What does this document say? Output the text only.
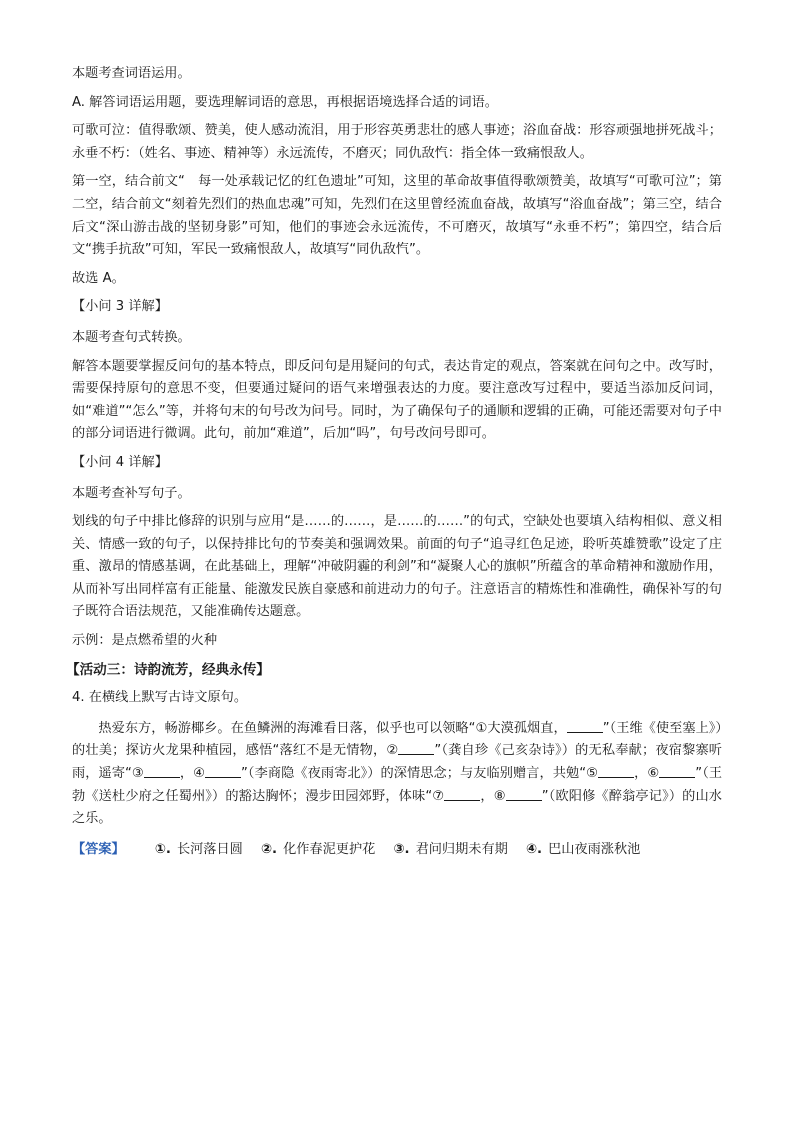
本题考查词语运用。

A. 解答词语运用题，要选理解词语的意思，再根据语境选择合适的词语。

可歌可泣：值得歌颂、赞美，使人感动流泪，用于形容英勇悲壮的感人事迹；浴血奋战：形容顽强地拼死战斗；永垂不朽：（姓名、事迹、精神等）永远流传，不磨灭；同仇敌忾：指全体一致痛恨敌人。

第一空，结合前文“　每一处承载记忆的红色遗址”可知，这里的革命故事值得歌颂赞美，故填写“可歌可泣”；第二空，结合前文“刻着先烈们的热血忠魂”可知，先烈们在这里曾经流血奋战，故填写“浴血奋战”；第三空，结合后文“深山游击战的坚韧身影”可知，他们的事迹会永远流传，不可磨灭，故填写“永垂不朽”；第四空，结合后文“携手抗敌”可知，军民一致痛恨敌人，故填写“同仇敌忾”。

故选 A。

【小问 3 详解】

本题考查句式转换。

解答本题要掌握反问句的基本特点，即反问句是用疑问的句式，表达肯定的观点，答案就在问句之中。改写时，需要保持原句的意思不变，但要通过疑问的语气来增强表达的力度。要注意改写过程中，要适当添加反问词，如“难道”“怎么”等，并将句末的句号改为问号。同时，为了确保句子的通顺和逻辑的正确，可能还需要对句子中的部分词语进行微调。此句，前加“难道”，后加“吗”，句号改问号即可。

【小问 4 详解】

本题考查补写句子。

划线的句子中排比修辞的识别与应用“是……的……，是……的……”的句式，空缺处也要填入结构相似、意义相关、情感一致的句子，以保持排比句的节奏美和强调效果。前面的句子“追寻红色足迹，聆听英雄赞歌”设定了庄重、激昂的情感基调，在此基础上，理解“冲破阴霾的利剑”和“凝聚人心的旗帜”所蕴含的革命精神和激励作用，从而补写出同样富有正能量、能激发民族自豪感和前进动力的句子。注意语言的精炼性和准确性，确保补写的句子既符合语法规范，又能准确传达题意。

示例：是点燃希望的火种

【活动三：诗韵流芳，经典永传】

4. 在横线上默写古诗文原句。

热爱东方，畅游椰乡。在鱼鳞洲的海滩看日落，似乎也可以领略“①大漠孤烟直，	”（王维《使至塞上》）的壮美；探访火龙果种植园，感悟“落红不是无情物，②	”（龚自珍《己亥杂诗》）的无私奉献；夜宿黎寨听雨，遥寄“③	，④	”（李商隐《夜雨寄北》）的深情思念；与友临别赠言，共勉“⑤	，⑥	”（王勃《送杜少府之任蜀州》）的豁达胸怀；漫步田园郊野，体味“⑦	，⑧	”（欧阳修《醉翁亭记》）的山水之乐。

【答案】 ①. 长河落日圆 ②. 化作春泥更护花 ③. 君问归期未有期 ④. 巴山夜雨涨秋池
